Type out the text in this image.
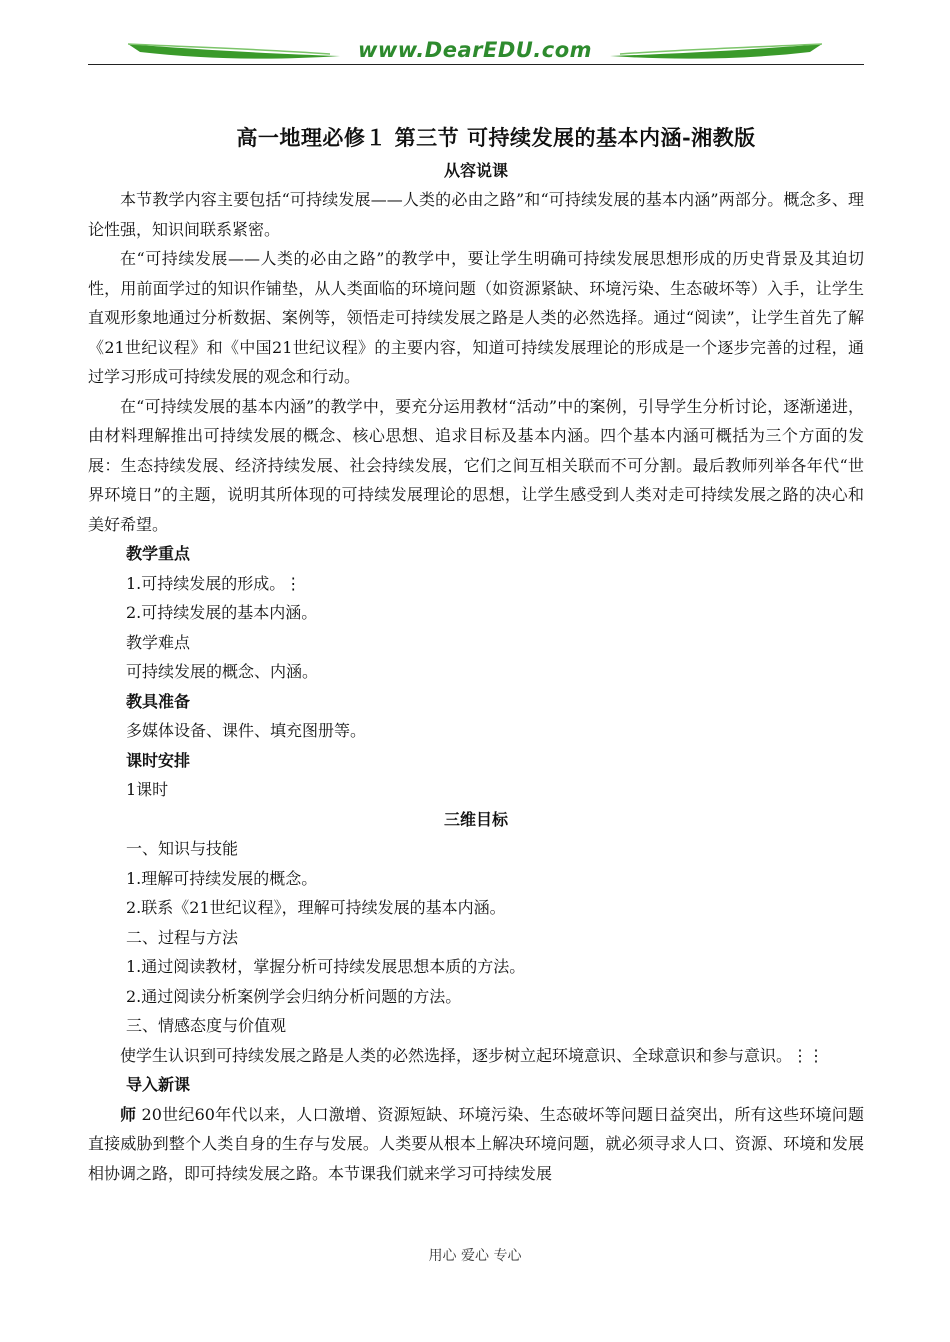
www.DearEDU.com
高一地理必修１ 第三节 可持续发展的基本内涵-湘教版
从容说课

本节教学内容主要包括“可持续发展——人类的必由之路”和“可持续发展的基本内涵”两部分。概念多、理论性强，知识间联系紧密。

在“可持续发展——人类的必由之路”的教学中，要让学生明确可持续发展思想形成的历史背景及其迫切性，用前面学过的知识作铺垫，从人类面临的环境问题（如资源紧缺、环境污染、生态破坏等）入手，让学生直观形象地通过分析数据、案例等，领悟走可持续发展之路是人类的必然选择。通过“阅读”，让学生首先了解《21世纪议程》和《中国21世纪议程》的主要内容，知道可持续发展理论的形成是一个逐步完善的过程，通过学习形成可持续发展的观念和行动。

在“可持续发展的基本内涵”的教学中，要充分运用教材“活动”中的案例，引导学生分析讨论，逐渐递进，由材料理解推出可持续发展的概念、核心思想、追求目标及基本内涵。四个基本内涵可概括为三个方面的发展：生态持续发展、经济持续发展、社会持续发展，它们之间互相关联而不可分割。最后教师列举各年代“世界环境日”的主题，说明其所体现的可持续发展理论的思想，让学生感受到人类对走可持续发展之路的决心和美好希望。

教学重点

1.可持续发展的形成。⋮

2.可持续发展的基本内涵。

教学难点

可持续发展的概念、内涵。

教具准备

多媒体设备、课件、填充图册等。

课时安排

1课时

三维目标

一、知识与技能

1.理解可持续发展的概念。

2.联系《21世纪议程》，理解可持续发展的基本内涵。

二、过程与方法

1.通过阅读教材，掌握分析可持续发展思想本质的方法。

2.通过阅读分析案例学会归纳分析问题的方法。

三、情感态度与价值观

使学生认识到可持续发展之路是人类的必然选择，逐步树立起环境意识、全球意识和参与意识。⋮⋮

导入新课

师 20世纪60年代以来，人口激增、资源短缺、环境污染、生态破坏等问题日益突出，所有这些环境问题直接威胁到整个人类自身的生存与发展。人类要从根本上解决环境问题，就必须寻求人口、资源、环境和发展相协调之路，即可持续发展之路。本节课我们就来学习可持续发展

用心 爱心 专心
